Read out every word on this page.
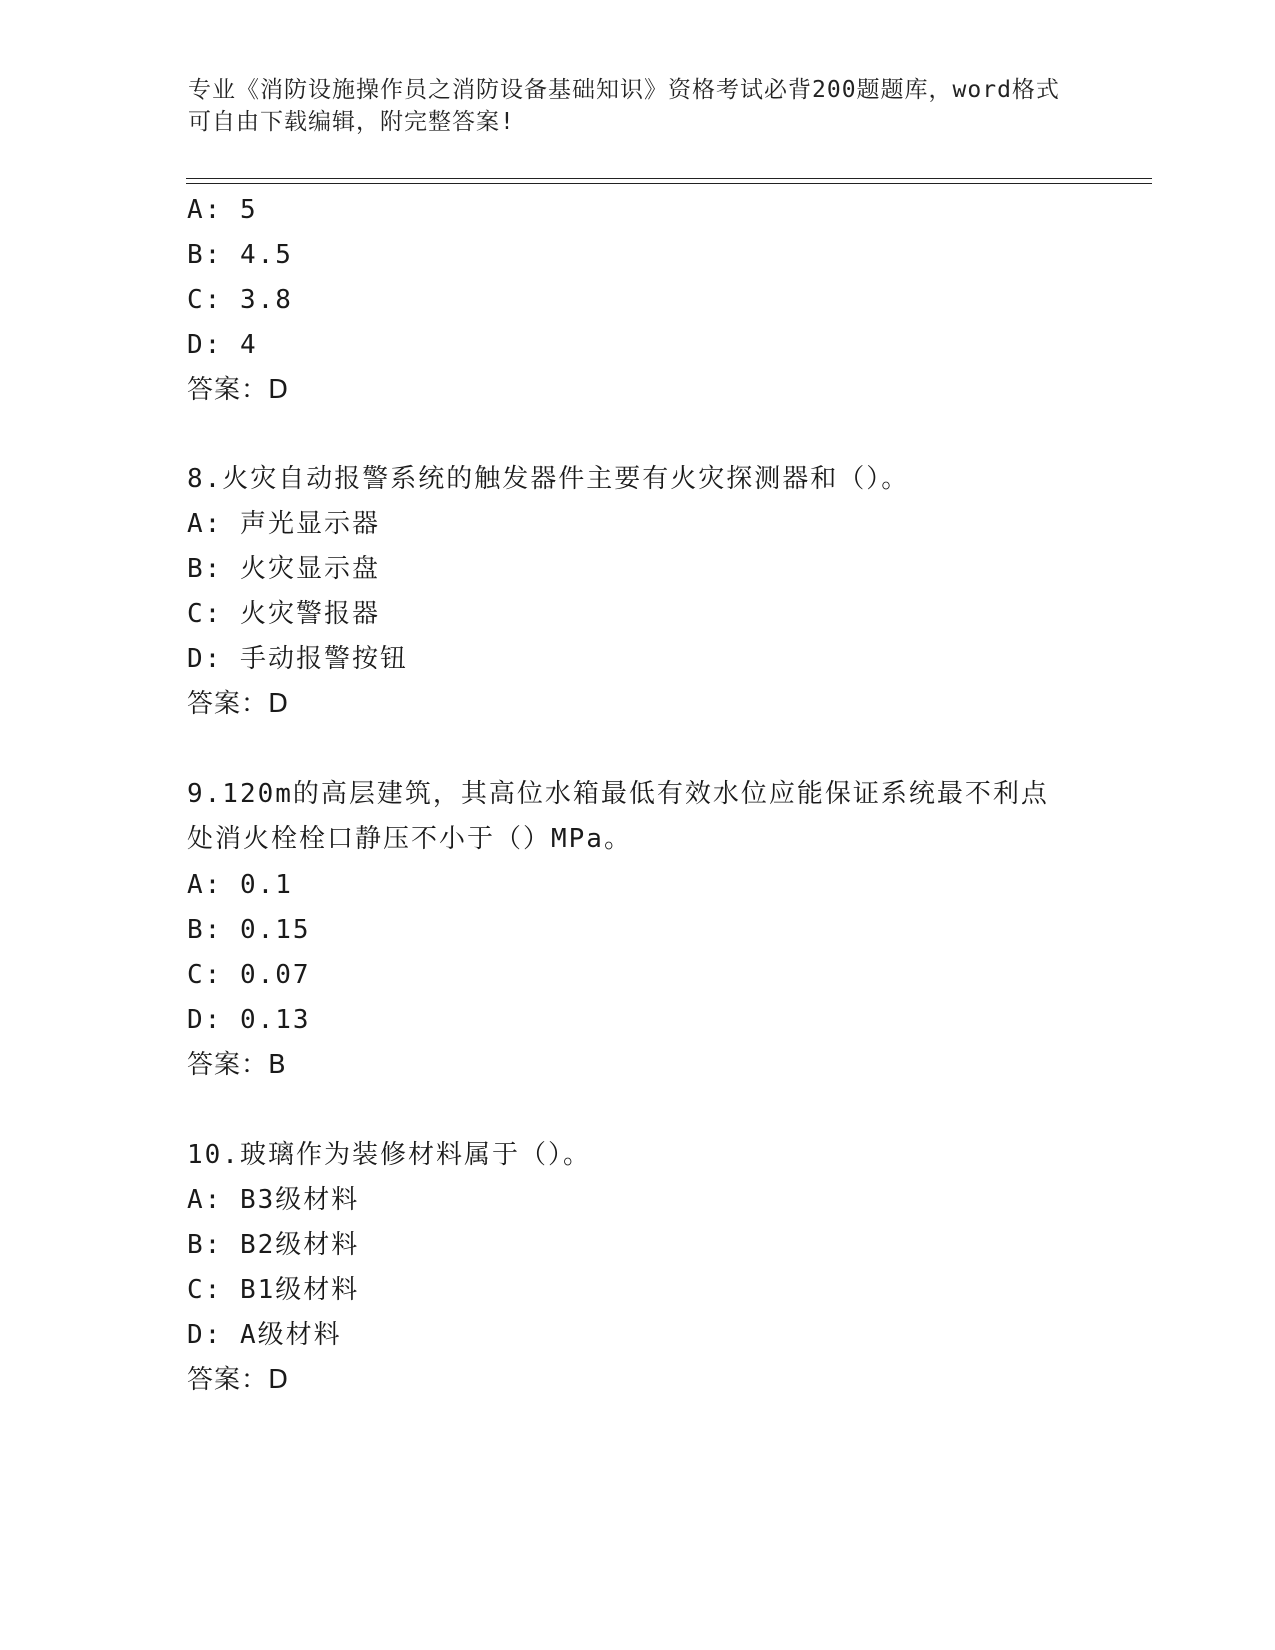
专业《消防设施操作员之消防设备基础知识》资格考试必背200题题库，word格式可自由下载编辑，附完整答案!
A: 5
B: 4.5
C: 3.8
D: 4
答案：D
8.火灾自动报警系统的触发器件主要有火灾探测器和（）。
A: 声光显示器
B: 火灾显示盘
C: 火灾警报器
D: 手动报警按钮
答案：D
9.120m的高层建筑，其高位水箱最低有效水位应能保证系统最不利点处消火栓栓口静压不小于（）MPa。
A: 0.1
B: 0.15
C: 0.07
D: 0.13
答案：B
10.玻璃作为装修材料属于（）。
A: B3级材料
B: B2级材料
C: B1级材料
D: A级材料
答案：D
